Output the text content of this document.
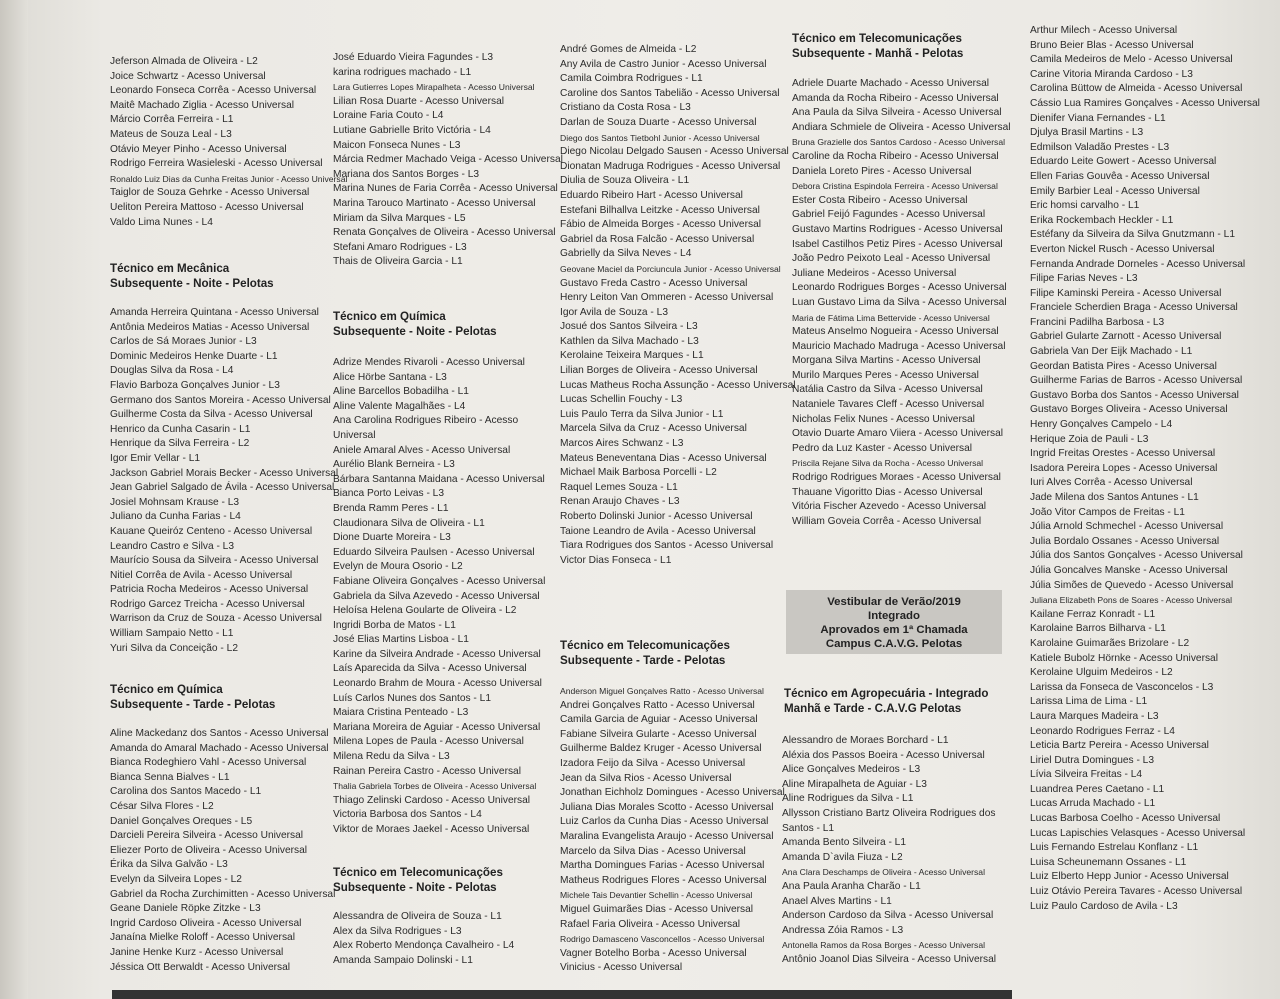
Jeferson Almada de Oliveira - L2
Joice Schwartz - Acesso Universal
Leonardo Fonseca Corrêa - Acesso Universal
Maitê Machado Ziglia - Acesso Universal
Márcio Corrêa Ferreira - L1
Mateus de Souza Leal - L3
Otávio Meyer Pinho - Acesso Universal
Rodrigo Ferreira Wasieleski - Acesso Universal
Ronaldo Luiz Dias da Cunha Freitas Junior - Acesso Universal
Taiglor de Souza Gehrke - Acesso Universal
Ueliton Pereira Mattoso - Acesso Universal
Valdo Lima Nunes - L4
Técnico em Mecânica
Subsequente - Noite - Pelotas
Amanda Herreira Quintana - Acesso Universal
Antônia Medeiros Matias - Acesso Universal
Carlos de Sá Moraes Junior - L3
Dominic Medeiros Henke Duarte - L1
Douglas Silva da Rosa - L4
Flavio Barboza Gonçalves Junior - L3
Germano dos Santos Moreira - Acesso Universal
Guilherme Costa da Silva - Acesso Universal
Henrico da Cunha Casarin - L1
Henrique da Silva Ferreira - L2
Igor Emir Vellar - L1
Jackson Gabriel Morais Becker - Acesso Universal
Jean Gabriel Salgado de Ávila - Acesso Universal
Josiel Mohnsam Krause - L3
Juliano da Cunha Farias - L4
Kauane Queiróz Centeno - Acesso Universal
Leandro Castro e Silva - L3
Maurício Sousa da Silveira - Acesso Universal
Nitiel Corrêa de Avila - Acesso Universal
Patricia Rocha Medeiros - Acesso Universal
Rodrigo Garcez Treicha - Acesso Universal
Warrison da Cruz de Souza - Acesso Universal
William Sampaio Netto - L1
Yuri Silva da Conceição - L2
Técnico em Química
Subsequente - Tarde - Pelotas
Aline Mackedanz dos Santos - Acesso Universal
Amanda do Amaral Machado - Acesso Universal
Bianca Rodeghiero Vahl - Acesso Universal
Bianca Senna Bialves - L1
Carolina dos Santos Macedo - L1
César Silva Flores - L2
Daniel Gonçalves Oreques - L5
Darcieli Pereira Silveira - Acesso Universal
Eliezer Porto de Oliveira - Acesso Universal
Érika da Silva Galvão - L3
Evelyn da Silveira Lopes - L2
Gabriel da Rocha Zurchimitten - Acesso Universal
Geane Daniele Röpke Zitzke - L3
Ingrid Cardoso Oliveira - Acesso Universal
Janaína Mielke Roloff - Acesso Universal
Janine Henke Kurz - Acesso Universal
Jéssica Ott Berwaldt - Acesso Universal
José Eduardo Vieira Fagundes - L3
karina rodrigues machado - L1
Lara Gutierres Lopes Mirapalheta - Acesso Universal
Lilian Rosa Duarte - Acesso Universal
Loraine Faria Couto - L4
Lutiane Gabrielle Brito Victória - L4
Maicon Fonseca Nunes - L3
Márcia Redmer Machado Veiga - Acesso Universal
Mariana dos Santos Borges - L3
Marina Nunes de Faria Corrêa - Acesso Universal
Marina Tarouco Martinato - Acesso Universal
Miriam da Silva Marques - L5
Renata Gonçalves de Oliveira - Acesso Universal
Stefani Amaro Rodrigues - L3
Thais de Oliveira Garcia - L1
Técnico em Química
Subsequente - Noite - Pelotas
Adrize Mendes Rivaroli - Acesso Universal
Alice Hörbe Santana - L3
Aline Barcellos Bobadilha - L1
Aline Valente Magalhães - L4
Ana Carolina Rodrigues Ribeiro - Acesso
Universal
Aniele Amaral Alves - Acesso Universal
Aurélio Blank Berneira - L3
Bárbara Santanna Maidana - Acesso Universal
Bianca Porto Leivas - L3
Brenda Ramm Peres - L1
Claudionara Silva de Oliveira - L1
Dione Duarte Moreira - L3
Eduardo Silveira Paulsen - Acesso Universal
Evelyn de Moura Osorio - L2
Fabiane Oliveira Gonçalves - Acesso Universal
Gabriela da Silva Azevedo - Acesso Universal
Heloísa Helena Goularte de Oliveira - L2
Ingridi Borba de Matos - L1
José Elias Martins Lisboa - L1
Karine da Silveira Andrade - Acesso Universal
Laís Aparecida da Silva - Acesso Universal
Leonardo Brahm de Moura - Acesso Universal
Luís Carlos Nunes dos Santos - L1
Maiara Cristina Penteado - L3
Mariana Moreira de Aguiar - Acesso Universal
Milena Lopes de Paula - Acesso Universal
Milena Redu da Silva - L3
Rainan Pereira Castro - Acesso Universal
Thalia Gabriela Torbes de Oliveira - Acesso Universal
Thiago Zelinski Cardoso - Acesso Universal
Victoria Barbosa dos Santos - L4
Viktor de Moraes Jaekel - Acesso Universal
Técnico em Telecomunicações
Subsequente - Noite - Pelotas
Alessandra de Oliveira de Souza - L1
Alex da Silva Rodrigues - L3
Alex Roberto Mendonça Cavalheiro - L4
Amanda Sampaio Dolinski - L1
André Gomes de Almeida - L2
Any Avila de Castro Junior - Acesso Universal
Camila Coimbra Rodrigues - L1
Caroline dos Santos Tabelião - Acesso Universal
Cristiano da Costa Rosa - L3
Darlan de Souza Duarte - Acesso Universal
Diego dos Santos Tietbohl Junior - Acesso Universal
Diego Nicolau Delgado Sausen - Acesso Universal
Dionatan Madruga Rodrigues - Acesso Universal
Diulia de Souza Oliveira - L1
Eduardo Ribeiro Hart - Acesso Universal
Estefani Bilhallva Leitzke - Acesso Universal
Fábio de Almeida Borges - Acesso Universal
Gabriel da Rosa Falcão - Acesso Universal
Gabrielly da Silva Neves - L4
Geovane Maciel da Porciuncula Junior - Acesso Universal
Gustavo Freda Castro - Acesso Universal
Henry Leiton Van Ommeren - Acesso Universal
Igor Avila de Souza - L3
Josué dos Santos Silveira - L3
Kathlen da Silva Machado - L3
Kerolaine Teixeira Marques - L1
Lilian Borges de Oliveira - Acesso Universal
Lucas Matheus Rocha Assunção - Acesso Universal
Lucas Schellin Fouchy - L3
Luis Paulo Terra da Silva Junior - L1
Marcela Silva da Cruz - Acesso Universal
Marcos Aires Schwanz - L3
Mateus Beneventana Dias - Acesso Universal
Michael Maik Barbosa Porcelli - L2
Raquel Lemes Souza - L1
Renan Araujo Chaves - L3
Roberto Dolinski Junior - Acesso Universal
Taione Leandro de Avila - Acesso Universal
Tiara Rodrigues dos Santos - Acesso Universal
Victor Dias Fonseca - L1
Técnico em Telecomunicações
Subsequente - Tarde - Pelotas
Anderson Miguel Gonçalves Ratto - Acesso Universal
Andrei Gonçalves Ratto - Acesso Universal
Camila Garcia de Aguiar - Acesso Universal
Fabiane Silveira Gularte - Acesso Universal
Guilherme Baldez Kruger - Acesso Universal
Izadora Feijo da Silva - Acesso Universal
Jean da Silva Rios - Acesso Universal
Jonathan Eichholz Domingues - Acesso Universal
Juliana Dias Morales Scotto - Acesso Universal
Luiz Carlos da Cunha Dias - Acesso Universal
Maralina Evangelista Araujo - Acesso Universal
Marcelo da Silva Dias - Acesso Universal
Martha Domingues Farias - Acesso Universal
Matheus Rodrigues Flores - Acesso Universal
Michele Tais Devantier Schellin - Acesso Universal
Miguel Guimarães Dias - Acesso Universal
Rafael Faria Oliveira - Acesso Universal
Rodrigo Damasceno Vasconcellos - Acesso Universal
Vagner Botelho Borba - Acesso Universal
Vinicius - Acesso Universal
Técnico em Telecomunicações
Subsequente - Manhã - Pelotas
Adriele Duarte Machado - Acesso Universal
Amanda da Rocha Ribeiro - Acesso Universal
Ana Paula da Silva Silveira - Acesso Universal
Andiara Schmiele de Oliveira - Acesso Universal
Bruna Grazielle dos Santos Cardoso - Acesso Universal
Caroline da Rocha Ribeiro - Acesso Universal
Daniela Loreto Pires - Acesso Universal
Debora Cristina Espindola Ferreira - Acesso Universal
Ester Costa Ribeiro - Acesso Universal
Gabriel Feijó Fagundes - Acesso Universal
Gustavo Martins Rodrigues - Acesso Universal
Isabel Castilhos Petiz Pires - Acesso Universal
João Pedro Peixoto Leal - Acesso Universal
Juliane Medeiros - Acesso Universal
Leonardo Rodrigues Borges - Acesso Universal
Luan Gustavo Lima da Silva - Acesso Universal
Maria de Fátima Lima Bettervide - Acesso Universal
Mateus Anselmo Nogueira - Acesso Universal
Mauricio Machado Madruga - Acesso Universal
Morgana Silva Martins - Acesso Universal
Murilo Marques Peres - Acesso Universal
Natália Castro da Silva - Acesso Universal
Nataniele Tavares Cleff - Acesso Universal
Nicholas Felix Nunes - Acesso Universal
Otavio Duarte Amaro Viiera - Acesso Universal
Pedro da Luz Kaster - Acesso Universal
Priscila Rejane Silva da Rocha - Acesso Universal
Rodrigo Rodrigues Moraes - Acesso Universal
Thauane Vigoritto Dias - Acesso Universal
Vitória Fischer Azevedo - Acesso Universal
William Goveia Corrêa - Acesso Universal
Técnico em Agropecuária - Integrado
Manhã e Tarde - C.A.V.G Pelotas
Alessandro de Moraes Borchard - L1
Aléxia dos Passos Boeira - Acesso Universal
Alice Gonçalves Medeiros - L3
Aline Mirapalheta de Aguiar - L3
Aline Rodrigues da Silva - L1
Allysson Cristiano Bartz Oliveira Rodrigues dos
Santos - L1
Amanda Bento Silveira - L1
Amanda D`avila Fiuza - L2
Ana Clara Deschamps de Oliveira - Acesso Universal
Ana Paula Aranha Charão - L1
Anael Alves Martins - L1
Anderson Cardoso da Silva - Acesso Universal
Andressa Zóia Ramos - L3
Antonella Ramos da Rosa Borges - Acesso Universal
Antônio Joanol Dias Silveira - Acesso Universal
Vestibular de Verão/2019
Integrado
Aprovados em 1ª Chamada
Campus C.A.V.G. Pelotas
Arthur Milech - Acesso Universal
Bruno Beier Blas - Acesso Universal
Camila Medeiros de Melo - Acesso Universal
Carine Vitoria Miranda Cardoso - L3
Carolina Büttow de Almeida - Acesso Universal
Cássio Lua Ramires Gonçalves - Acesso Universal
Dienifer Viana Fernandes - L1
Djulya Brasil Martins - L3
Edmilson Valadão Prestes - L3
Eduardo Leite Gowert - Acesso Universal
Ellen Farias Gouvêa - Acesso Universal
Emily Barbier Leal - Acesso Universal
Eric homsi carvalho - L1
Erika Rockembach Heckler - L1
Estéfany da Silveira da Silva Gnutzmann - L1
Everton Nickel Rusch - Acesso Universal
Fernanda Andrade Dorneles - Acesso Universal
Filipe Farias Neves - L3
Filipe Kaminski Pereira - Acesso Universal
Franciele Scherdien Braga - Acesso Universal
Francini Padilha Barbosa - L3
Gabriel Gularte Zarnott - Acesso Universal
Gabriela Van Der Eijk Machado - L1
Geordan Batista Pires - Acesso Universal
Guilherme Farias de Barros - Acesso Universal
Gustavo Borba dos Santos - Acesso Universal
Gustavo Borges Oliveira - Acesso Universal
Henry Gonçalves Campelo - L4
Herique Zoia de Pauli - L3
Ingrid Freitas Orestes - Acesso Universal
Isadora Pereira Lopes - Acesso Universal
Iuri Alves Corrêa - Acesso Universal
Jade Milena dos Santos Antunes - L1
João Vitor Campos de Freitas - L1
Júlia Arnold Schmechel - Acesso Universal
Julia Bordalo Ossanes - Acesso Universal
Júlia dos Santos Gonçalves - Acesso Universal
Júlia Goncalves Manske - Acesso Universal
Júlia Simões de Quevedo - Acesso Universal
Juliana Elizabeth Pons de Soares - Acesso Universal
Kailane Ferraz Konradt - L1
Karolaine Barros Bilharva - L1
Karolaine Guimarães Brizolare - L2
Katiele Bubolz Hörnke - Acesso Universal
Kerolaine Ulguim Medeiros - L2
Larissa da Fonseca de Vasconcelos - L3
Larissa Lima de Lima - L1
Laura Marques Madeira - L3
Leonardo Rodrigues Ferraz - L4
Leticia Bartz Pereira - Acesso Universal
Liriel Dutra Domingues - L3
Lívia Silveira Freitas - L4
Luandrea Peres Caetano - L1
Lucas Arruda Machado - L1
Lucas Barbosa Coelho - Acesso Universal
Lucas Lapischies Velasques - Acesso Universal
Luis Fernando Estrelau Konflanz - L1
Luisa Scheunemann Ossanes - L1
Luiz Elberto Hepp Junior - Acesso Universal
Luiz Otávio Pereira Tavares - Acesso Universal
Luiz Paulo Cardoso de Avila - L3
